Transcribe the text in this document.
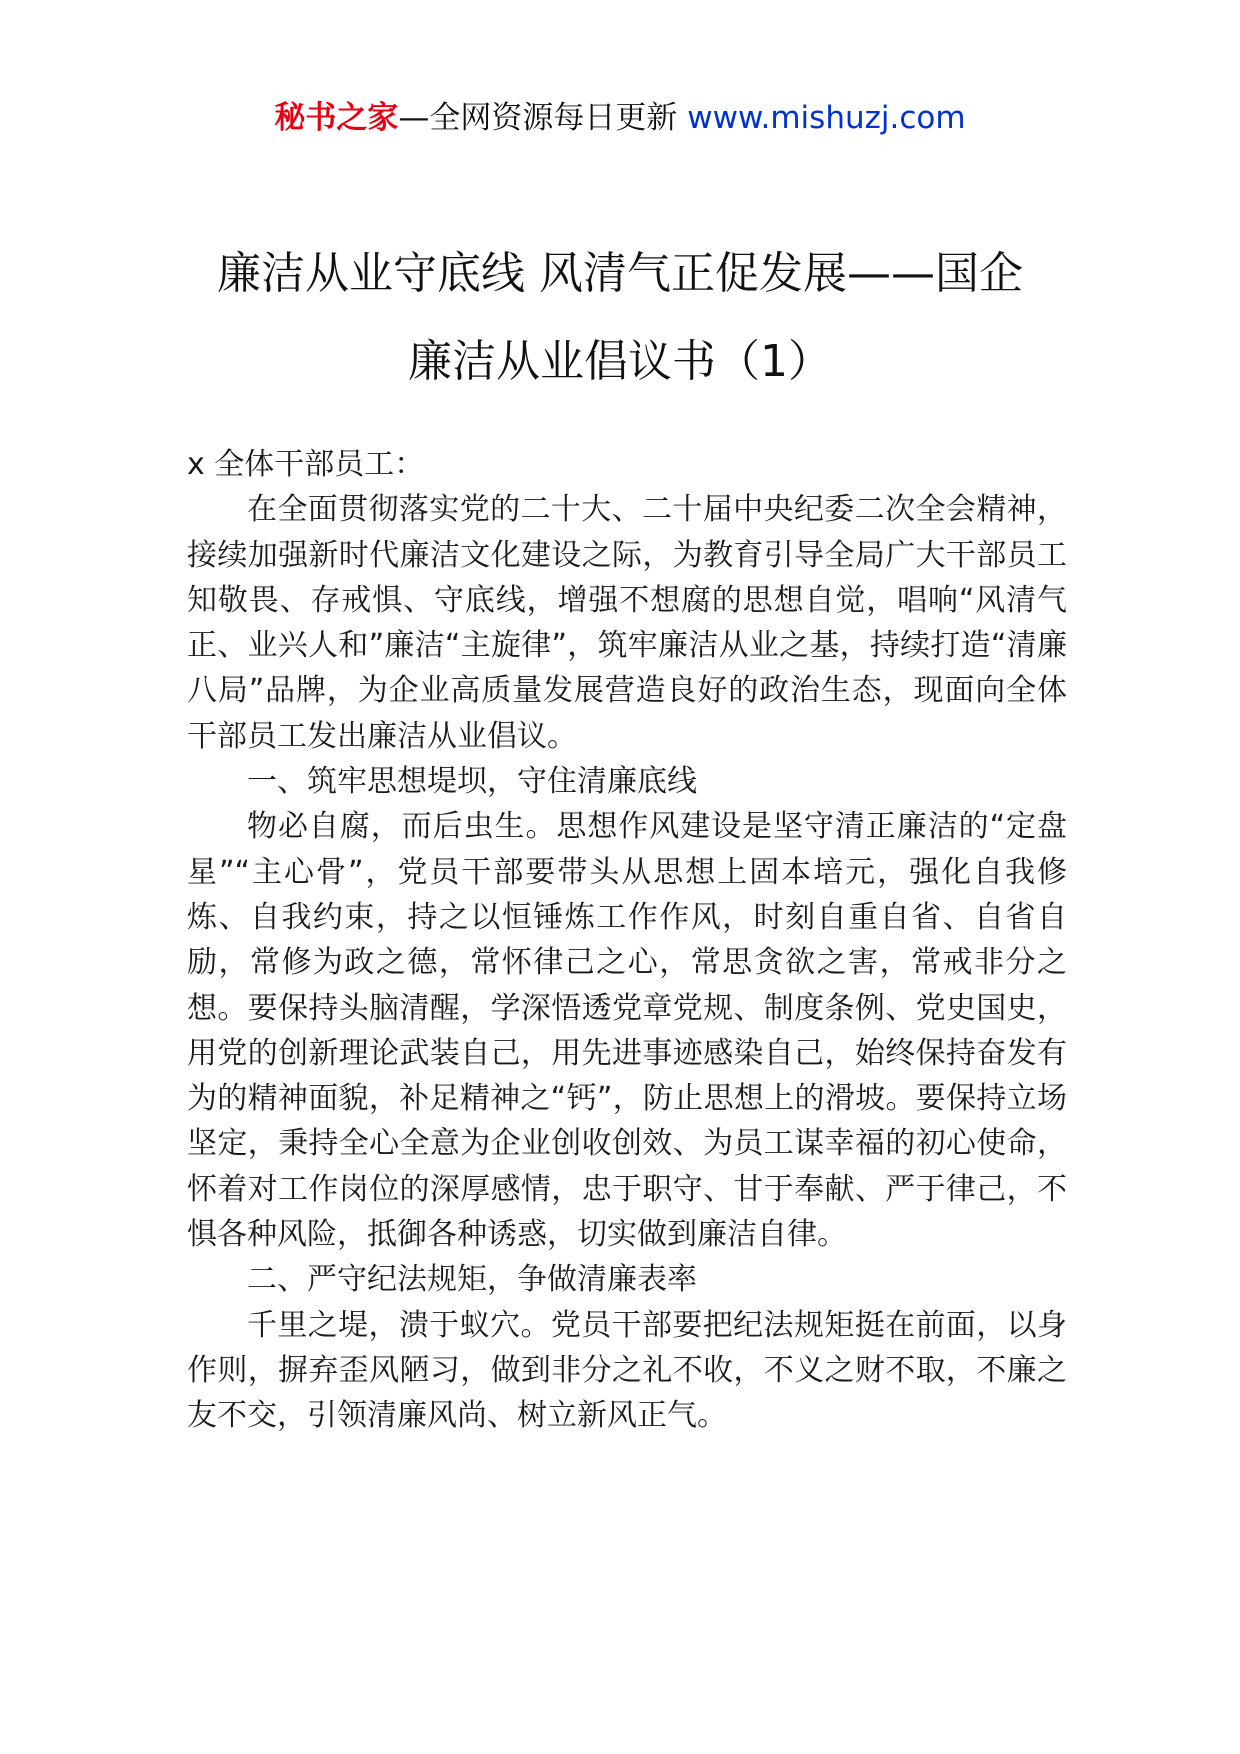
秘书之家—全网资源每日更新 www.mishuzj.com
廉洁从业守底线 风清气正促发展——国企
廉洁从业倡议书（1）

x 全体干部员工：

在全面贯彻落实党的二十大、二十届中央纪委二次全会精神，接续加强新时代廉洁文化建设之际，为教育引导全局广大干部员工知敬畏、存戒惧、守底线，增强不想腐的思想自觉，唱响“风清气正、业兴人和”廉洁“主旋律”，筑牢廉洁从业之基，持续打造“清廉八局”品牌，为企业高质量发展营造良好的政治生态，现面向全体干部员工发出廉洁从业倡议。

一、筑牢思想堤坝，守住清廉底线

物必自腐，而后虫生。思想作风建设是坚守清正廉洁的“定盘星”“主心骨”，党员干部要带头从思想上固本培元，强化自我修炼、自我约束，持之以恒锤炼工作作风，时刻自重自省、自省自励，常修为政之德，常怀律己之心，常思贪欲之害，常戒非分之想。要保持头脑清醒，学深悟透党章党规、制度条例、党史国史，用党的创新理论武装自己，用先进事迹感染自己，始终保持奋发有为的精神面貌，补足精神之“钙”，防止思想上的滑坡。要保持立场坚定，秉持全心全意为企业创收创效、为员工谋幸福的初心使命，怀着对工作岗位的深厚感情，忠于职守、甘于奉献、严于律己，不惧各种风险，抵御各种诱惑，切实做到廉洁自律。

二、严守纪法规矩，争做清廉表率

千里之堤，溃于蚁穴。党员干部要把纪法规矩挺在前面，以身作则，摒弃歪风陋习，做到非分之礼不收，不义之财不取，不廉之友不交，引领清廉风尚、树立新风正气。
